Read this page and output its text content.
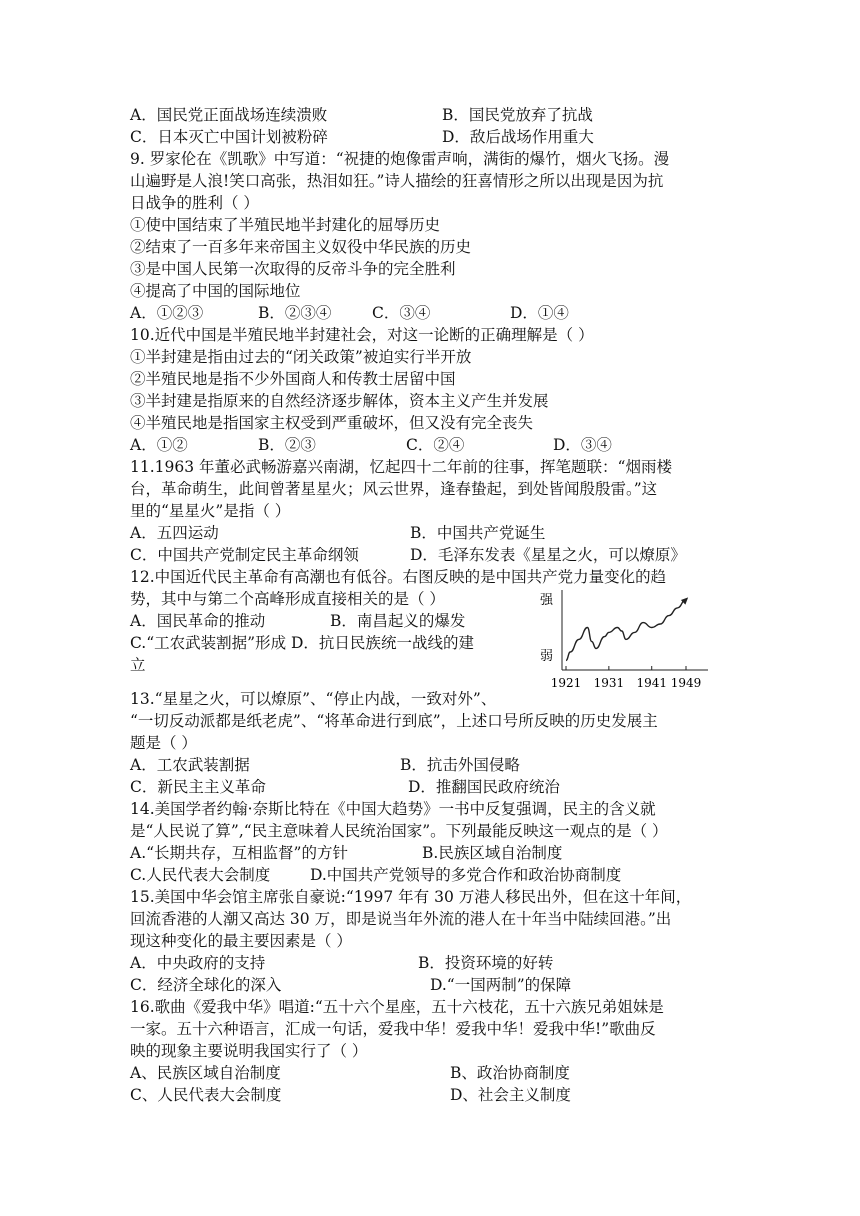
A．国民党正面战场连续溃败	B．国民党放弃了抗战
C．日本灭亡中国计划被粉碎	D．敌后战场作用重大
9. 罗家伦在《凯歌》中写道：“祝捷的炮像雷声响，满街的爆竹，烟火飞扬。漫
山遍野是人浪!笑口高张，热泪如狂。”诗人描绘的狂喜情形之所以出现是因为抗
日战争的胜利（ ）
①使中国结束了半殖民地半封建化的屈辱历史
②结束了一百多年来帝国主义奴役中华民族的历史
③是中国人民第一次取得的反帝斗争的完全胜利
④提高了中国的国际地位
A．①②③	B．②③④	C．③④	D．①④
10.近代中国是半殖民地半封建社会，对这一论断的正确理解是（ ）
①半封建是指由过去的“闭关政策”被迫实行半开放
②半殖民地是指不少外国商人和传教士居留中国
③半封建是指原来的自然经济逐步解体，资本主义产生并发展
④半殖民地是指国家主权受到严重破坏，但又没有完全丧失
A．①②	B．②③	C．②④	D．③④
11.1963 年董必武畅游嘉兴南湖，忆起四十二年前的往事，挥笔题联：“烟雨楼
台，革命萌生，此间曾著星星火；风云世界，逢春蛰起，到处皆闻殷殷雷。”这
里的“星星火”是指（ ）
A．五四运动	B．中国共产党诞生
C．中国共产党制定民主革命纲领	D．毛泽东发表《星星之火，可以燎原》
12.中国近代民主革命有高潮也有低谷。右图反映的是中国共产党力量变化的趋
势，其中与第二个高峰形成直接相关的是（ ）
A．国民革命的推动	B．南昌起义的爆发
C.“工农武装割据”形成 D．抗日民族统一战线的建
立
强
弱
1921 1931 1941 1949
13.“星星之火，可以燎原”、“停止内战，一致对外”、
“一切反动派都是纸老虎”、“将革命进行到底”，上述口号所反映的历史发展主
题是（ ）
A．工农武装割据	B．抗击外国侵略
C．新民主主义革命	D．推翻国民政府统治
14.美国学者约翰·奈斯比特在《中国大趋势》一书中反复强调，民主的含义就
是“人民说了算”,“民主意味着人民统治国家”。下列最能反映这一观点的是（ ）
A.“长期共存，互相监督”的方针	B.民族区域自治制度
C.人民代表大会制度	D.中国共产党领导的多党合作和政治协商制度
15.美国中华会馆主席张自豪说:“1997 年有 30 万港人移民出外，但在这十年间，
回流香港的人潮又高达 30 万，即是说当年外流的港人在十年当中陆续回港。”出
现这种变化的最主要因素是（ ）
A．中央政府的支持	B．投资环境的好转
C．经济全球化的深入	D.“一国两制”的保障
16.歌曲《爱我中华》唱道:“五十六个星座，五十六枝花，五十六族兄弟姐妹是
一家。五十六种语言，汇成一句话，爱我中华！爱我中华！爱我中华!”歌曲反
映的现象主要说明我国实行了（ ）
A、民族区域自治制度	B、政治协商制度
C、人民代表大会制度	D、社会主义制度
